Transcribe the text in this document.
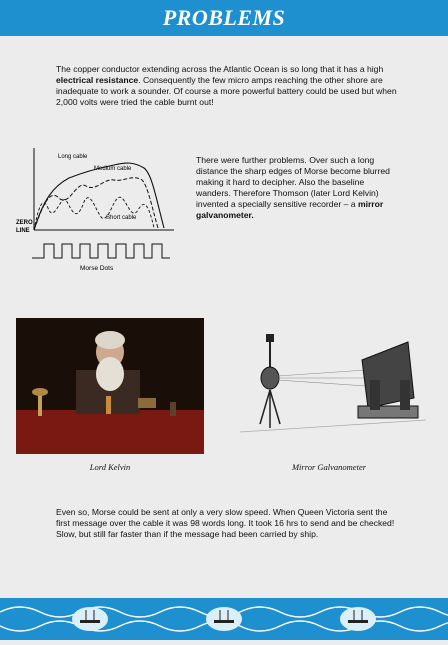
PROBLEMS

The copper conductor extending across the Atlantic Ocean is so long that it has a high electrical resistance. Consequently the few micro amps reaching the other shore are inadequate to work a sounder. Of course a more powerful battery could be used but when 2,000 volts were tried the cable burnt out!

Long cable
Medium cable
Short cable
ZERO
LINE
Morse Dots

There were further problems. Over such a long distance the sharp edges of Morse become blurred making it hard to decipher. Also the baseline wanders. Therefore Thomson (later Lord Kelvin) invented a specially sensitive recorder – a mirror galvanometer.

Lord Kelvin	Mirror Galvanometer

Even so, Morse could be sent at only a very slow speed. When Queen Victoria sent the first message over the cable it was 98 words long. It took 16 hrs to send and be checked! Slow, but still far faster than if the message had been carried by ship.
